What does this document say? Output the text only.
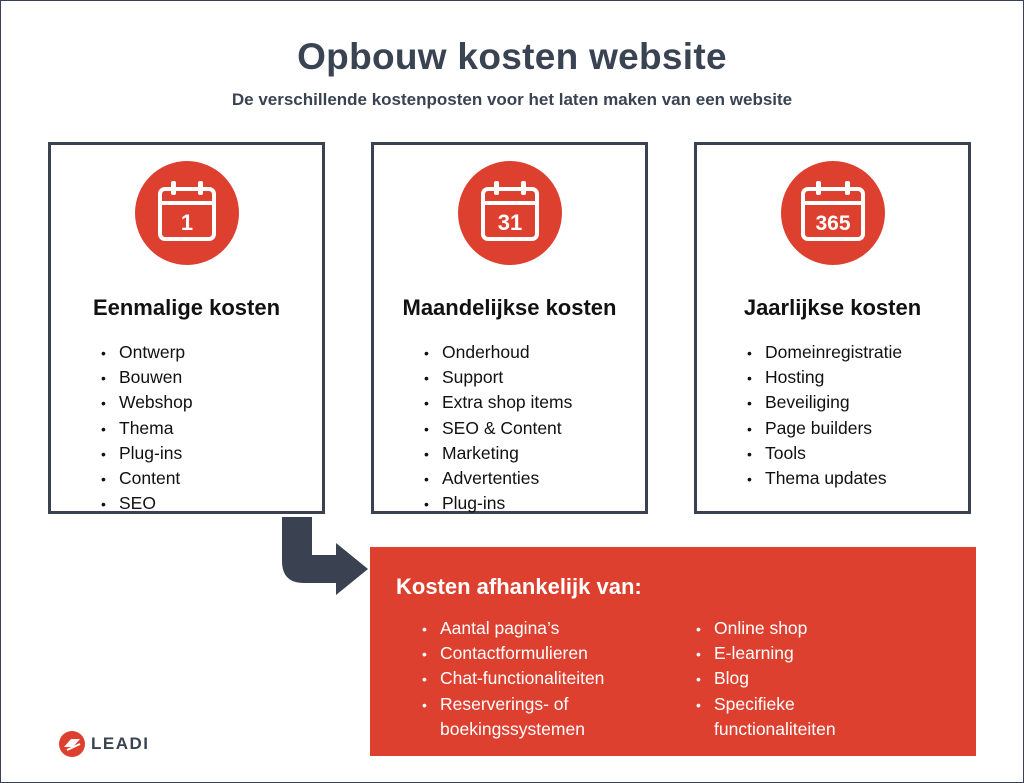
Opbouw kosten website
De verschillende kostenposten voor het laten maken van een website
1
Eenmalige kosten
• Ontwerp
• Bouwen
• Webshop
• Thema
• Plug-ins
• Content
• SEO
31
Maandelijkse kosten
• Onderhoud
• Support
• Extra shop items
• SEO & Content
• Marketing
• Advertenties
• Plug-ins
365
Jaarlijkse kosten
• Domeinregistratie
• Hosting
• Beveiliging
• Page builders
• Tools
• Thema updates
Kosten afhankelijk van:
• Aantal pagina’s
• Contactformulieren
• Chat-functionaliteiten
• Reserverings- of boekingssystemen
• Online shop
• E-learning
• Blog
• Specifieke functionaliteiten
LEADI
